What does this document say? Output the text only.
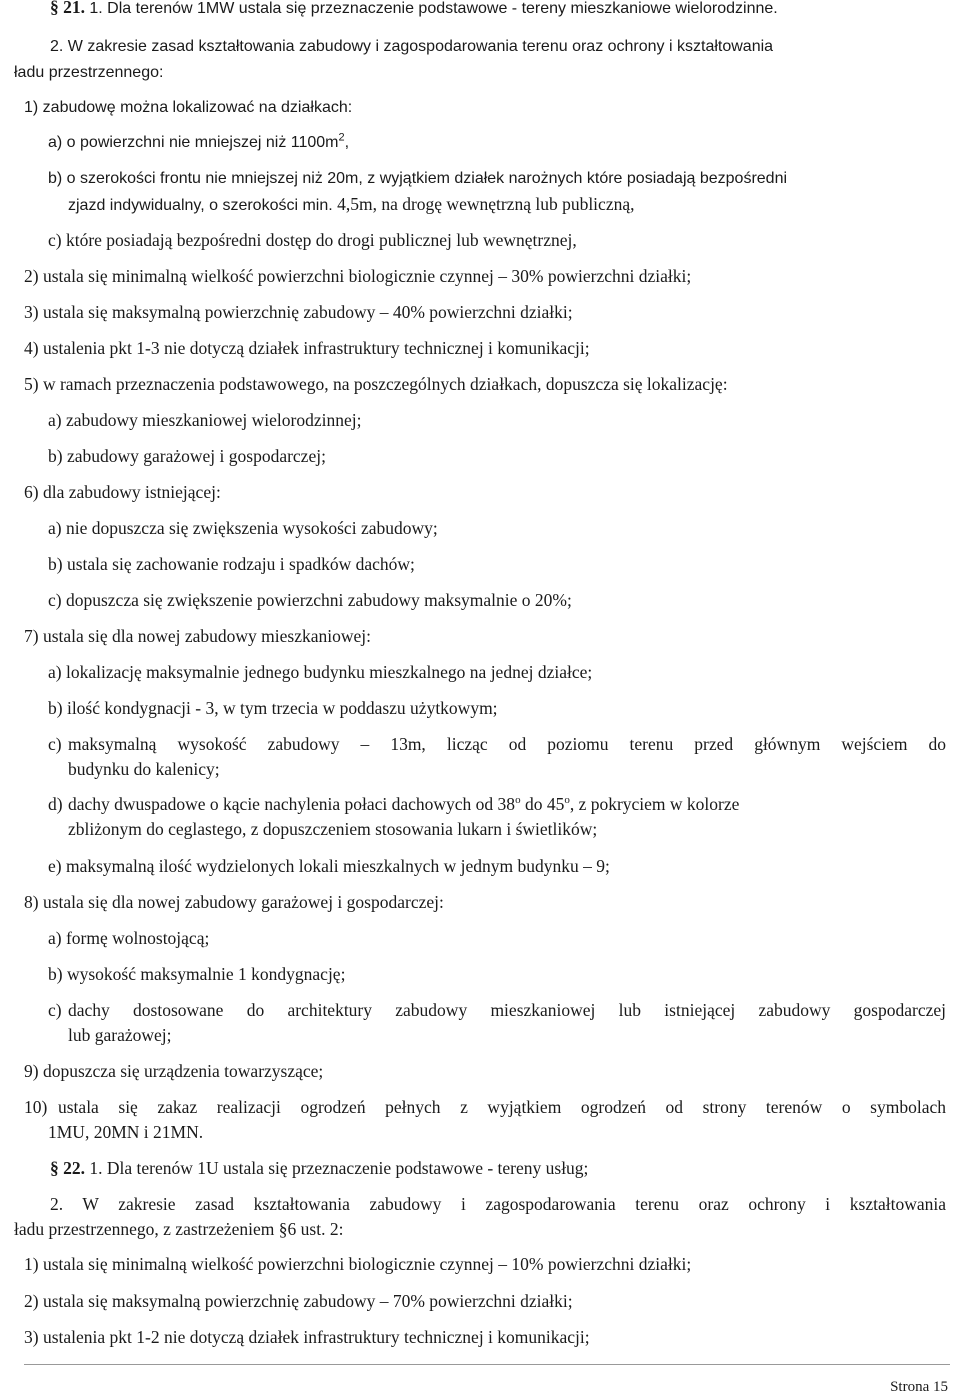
§ 21. 1. Dla terenów 1MW ustala się przeznaczenie podstawowe - tereny mieszkaniowe wielorodzinne.
2. W zakresie zasad kształtowania zabudowy i zagospodarowania terenu oraz ochrony i kształtowania
ładu przestrzennego:
1) zabudowę można lokalizować na działkach:
a) o powierzchni nie mniejszej niż $1100m^2$,
b) o szerokości frontu nie mniejszej niż 20m, z wyjątkiem działek narożnych które posiadają bezpośredni
zjazd indywidualny, o szerokości min. 4,5m, na drogę wewnętrzną lub publiczną,
c) które posiadają bezpośredni dostęp do drogi publicznej lub wewnętrznej,
2) ustala się minimalną wielkość powierzchni biologicznie czynnej – 30% powierzchni działki;
3) ustala się maksymalną powierzchnię zabudowy – 40% powierzchni działki;
4) ustalenia pkt 1-3 nie dotyczą działek infrastruktury technicznej i komunikacji;
5) w ramach przeznaczenia podstawowego, na poszczególnych działkach, dopuszcza się lokalizację:
a) zabudowy mieszkaniowej wielorodzinnej;
b) zabudowy garażowej i gospodarczej;
6) dla zabudowy istniejącej:
a) nie dopuszcza się zwiększenia wysokości zabudowy;
b) ustala się zachowanie rodzaju i spadków dachów;
c) dopuszcza się zwiększenie powierzchni zabudowy maksymalnie o 20%;
7) ustala się dla nowej zabudowy mieszkaniowej:
a) lokalizację maksymalnie jednego budynku mieszkalnego na jednej działce;
b) ilość kondygnacji - 3, w tym trzecia w poddaszu użytkowym;
c) maksymalną wysokość zabudowy – 13m, licząc od poziomu terenu przed głównym wejściem do
budynku do kalenicy;
d) dachy dwuspadowe o kącie nachylenia połaci dachowych od 38$^o$ do 45$^o$, z pokryciem w kolorze
zbliżonym do ceglastego, z dopuszczeniem stosowania lukarn i świetlików;
e) maksymalną ilość wydzielonych lokali mieszkalnych w jednym budynku – 9;
8) ustala się dla nowej zabudowy garażowej i gospodarczej:
a) formę wolnostojącą;
b) wysokość maksymalnie 1 kondygnację;
c) dachy dostosowane do architektury zabudowy mieszkaniowej lub istniejącej zabudowy gospodarczej
lub garażowej;
9) dopuszcza się urządzenia towarzyszące;
10) ustala się zakaz realizacji ogrodzeń pełnych z wyjątkiem ogrodzeń od strony terenów o symbolach
1MU, 20MN i 21MN.
§ 22. 1. Dla terenów 1U ustala się przeznaczenie podstawowe - tereny usług;
2. W zakresie zasad kształtowania zabudowy i zagospodarowania terenu oraz ochrony i kształtowania
ładu przestrzennego, z zastrzeżeniem §6 ust. 2:
1) ustala się minimalną wielkość powierzchni biologicznie czynnej – 10% powierzchni działki;
2) ustala się maksymalną powierzchnię zabudowy – 70% powierzchni działki;
3) ustalenia pkt 1-2 nie dotyczą działek infrastruktury technicznej i komunikacji;
Strona 15
